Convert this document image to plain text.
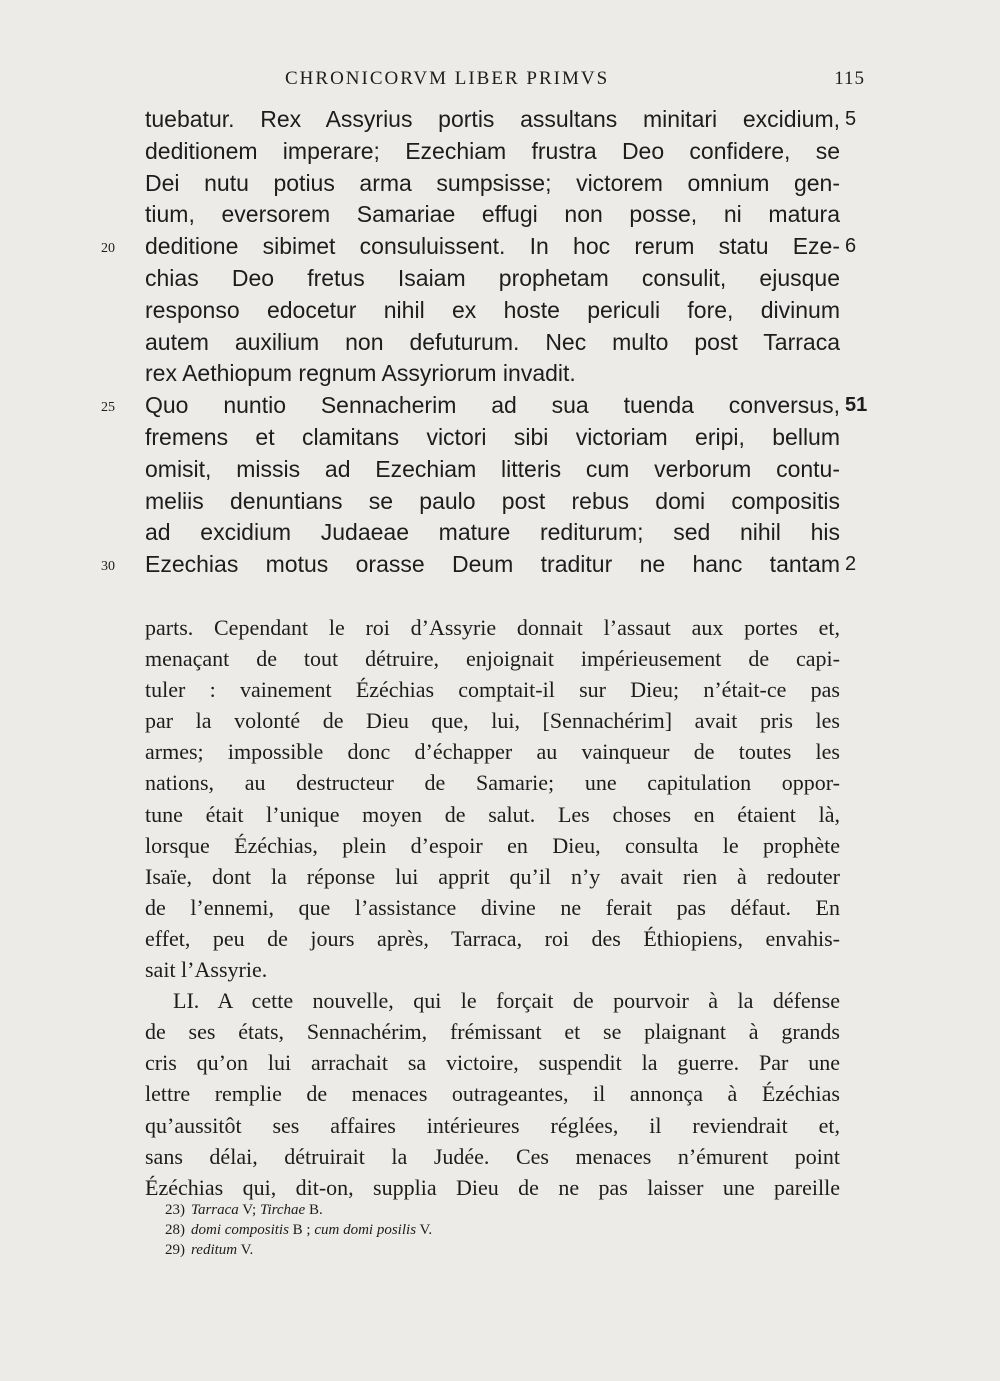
CHRONICORVM LIBER PRIMVS	115
tuebatur. Rex Assyrius portis assultans minitari excidium, 5
deditionem imperare; Ezechiam frustra Deo confidere, se
Dei nutu potius arma sumpsisse; victorem omnium gen-
tium, eversorem Samariae effugi non posse, ni matura
deditione sibimet consuluissent. In hoc rerum statu Eze-
20	6
chias Deo fretus Isaiam prophetam consulit, ejusque
responso edocetur nihil ex hoste periculi fore, divinum
autem auxilium non defuturum. Nec multo post Tarraca
rex Aethiopum regnum Assyriorum invadit.
Quo nuntio Sennacherim ad sua tuenda conversus,
25	51
fremens et clamitans victori sibi victoriam eripi, bellum
omisit, missis ad Ezechiam litteris cum verborum contu-
meliis denuntians se paulo post rebus domi compositis
ad excidium Judaeae mature rediturum; sed nihil his
Ezechias motus orasse Deum traditur ne hanc tantam
30	2
parts. Cependant le roi d’Assyrie donnait l’assaut aux portes et,
menaçant de tout détruire, enjoignait impérieusement de capi-
tuler : vainement Ézéchias comptait-il sur Dieu; n’était-ce pas
par la volonté de Dieu que, lui, [Sennachérim] avait pris les
armes; impossible donc d’échapper au vainqueur de toutes les
nations, au destructeur de Samarie; une capitulation oppor-
tune était l’unique moyen de salut. Les choses en étaient là,
lorsque Ézéchias, plein d’espoir en Dieu, consulta le prophète
Isaïe, dont la réponse lui apprit qu’il n’y avait rien à redouter
de l’ennemi, que l’assistance divine ne ferait pas défaut. En
effet, peu de jours après, Tarraca, roi des Éthiopiens, envahis-
sait l’Assyrie.
LI. A cette nouvelle, qui le forçait de pourvoir à la défense
de ses états, Sennachérim, frémissant et se plaignant à grands
cris qu’on lui arrachait sa victoire, suspendit la guerre. Par une
lettre remplie de menaces outrageantes, il annonça à Ézéchias
qu’aussitôt ses affaires intérieures réglées, il reviendrait et,
sans délai, détruirait la Judée. Ces menaces n’émurent point
Ézéchias qui, dit-on, supplia Dieu de ne pas laisser une pareille
23) Tarraca V; Tirchae B.
28) domi compositis B ; cum domi posilis V.
29) reditum V.
